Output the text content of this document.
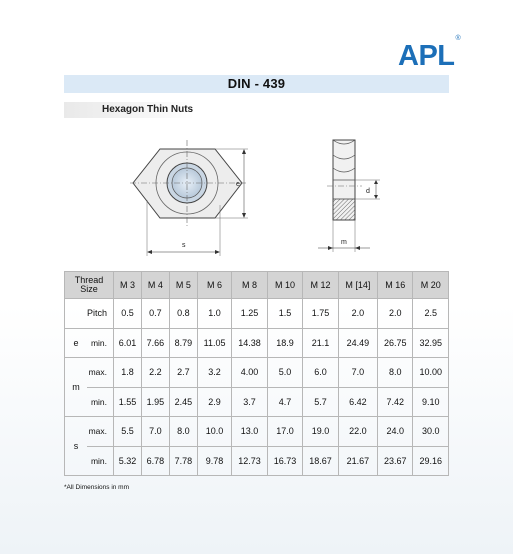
APL®
DIN - 439
Hexagon Thin Nuts
e
s
d
m
Thread
Size		M 3	M 4	M 5	M 6	M 8	M 10	M 12	M [14]	M 16	M 20
Pitch		0.5	0.7	0.8	1.0	1.25	1.5	1.75	2.0	2.0	2.5
e	min.	6.01	7.66	8.79	11.05	14.38	18.9	21.1	24.49	26.75	32.95
m	max.	1.8	2.2	2.7	3.2	4.00	5.0	6.0	7.0	8.0	10.00
	min.	1.55	1.95	2.45	2.9	3.7	4.7	5.7	6.42	7.42	9.10
s	max.	5.5	7.0	8.0	10.0	13.0	17.0	19.0	22.0	24.0	30.0
	min.	5.32	6.78	7.78	9.78	12.73	16.73	18.67	21.67	23.67	29.16
*All Dimensions in mm
